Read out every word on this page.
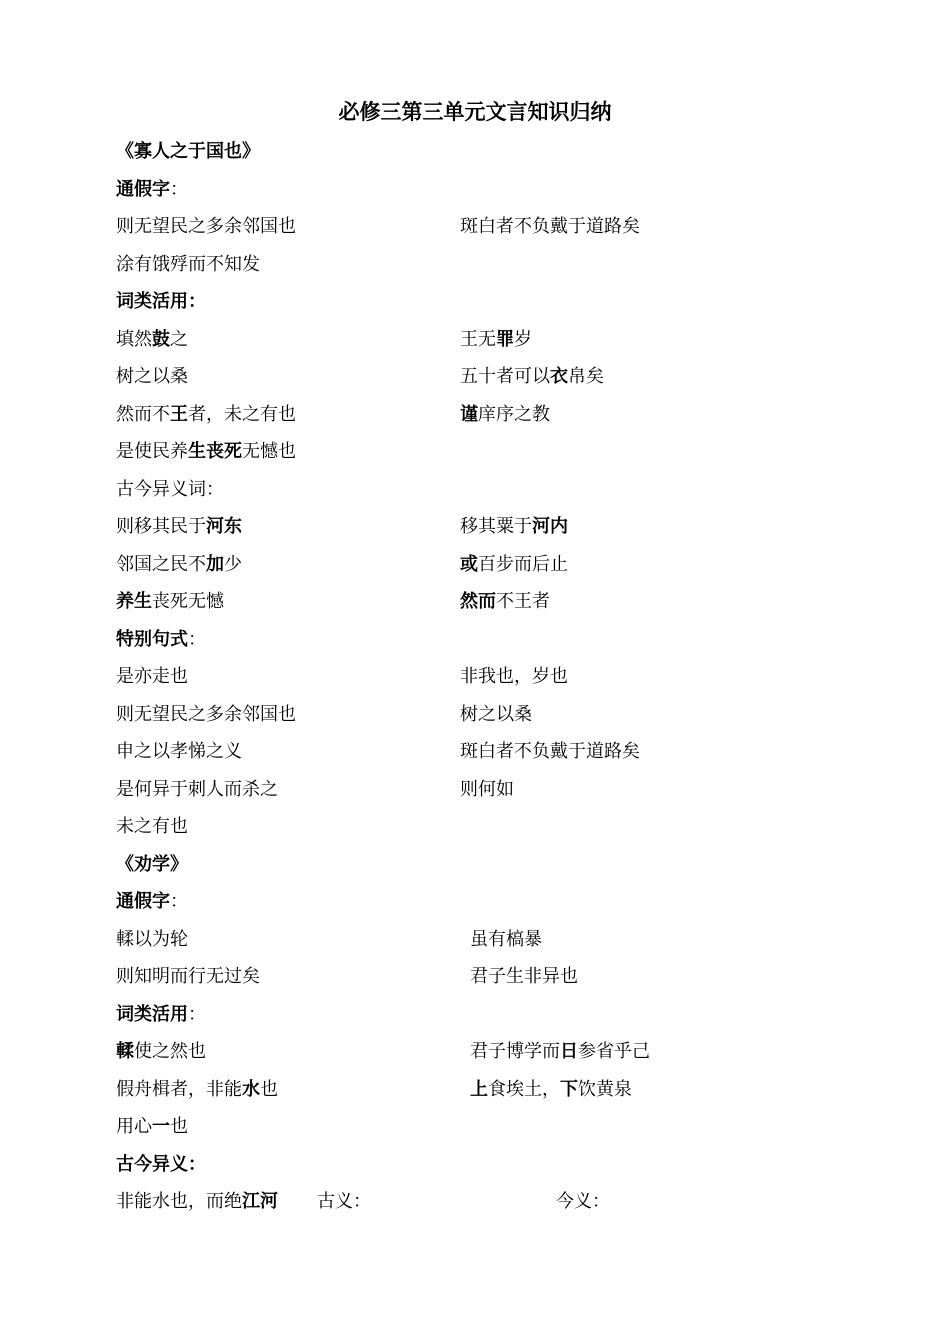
必修三第三单元文言知识归纳
《寡人之于国也》
通假字：
则无望民之多余邻国也	斑白者不负戴于道路矣
涂有饿殍而不知发
词类活用：
填然鼓之	王无罪岁
树之以桑	五十者可以衣帛矣
然而不王者，未之有也	谨庠序之教
是使民养生丧死无憾也
古今异义词：
则移其民于河东	移其粟于河内
邻国之民不加少	或百步而后止
养生丧死无憾	然而不王者
特别句式：
是亦走也	非我也，岁也
则无望民之多余邻国也	树之以桑
申之以孝悌之义	斑白者不负戴于道路矣
是何异于刺人而杀之	则何如
未之有也
《劝学》
通假字：
輮以为轮	虽有槁暴
则知明而行无过矣	君子生非异也
词类活用：
輮使之然也	君子博学而日参省乎己
假舟楫者，非能水也	上食埃土，下饮黄泉
用心一也
古今异义：
非能水也，而绝江河 古义：	今义：
